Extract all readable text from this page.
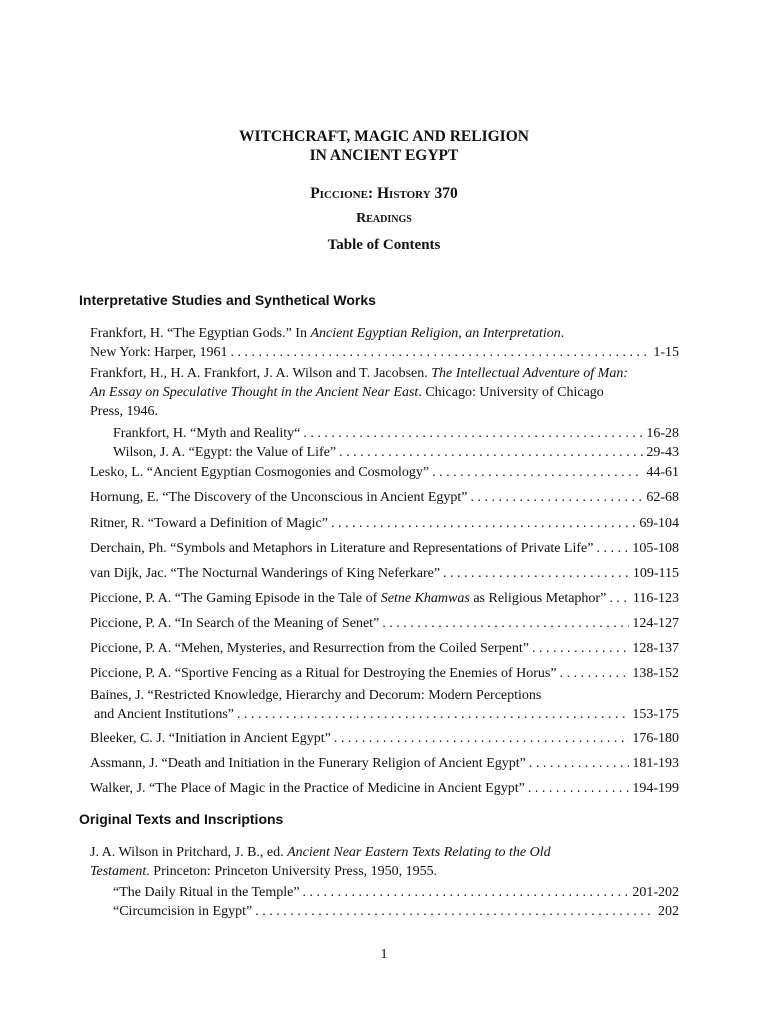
WITCHCRAFT, MAGIC AND RELIGION
IN ANCIENT EGYPT
Piccione: History 370
Readings
Table of Contents
Interpretative Studies and Synthetical Works
Frankfort, H. “The Egyptian Gods.” In Ancient Egyptian Religion, an Interpretation.
New York: Harper, 1961 . . .	1-15
Frankfort, H., H. A. Frankfort, J. A. Wilson and T. Jacobsen. The Intellectual Adventure of Man:
An Essay on Speculative Thought in the Ancient Near East. Chicago: University of Chicago
Press, 1946.
Frankfort, H. “Myth and Reality“ . . .	16-28
Wilson, J. A. “Egypt: the Value of Life” . . .	29-43
Lesko, L. “Ancient Egyptian Cosmogonies and Cosmology” . . .	44-61
Hornung, E. “The Discovery of the Unconscious in Ancient Egypt” . . .	62-68
Ritner, R. “Toward a Definition of Magic” . . .	69-104
Derchain, Ph. “Symbols and Metaphors in Literature and Representations of Private Life” . . .	105-108
van Dijk, Jac. “The Nocturnal Wanderings of King Neferkare” . . .	109-115
Piccione, P. A. “The Gaming Episode in the Tale of Setne Khamwas as Religious Metaphor” . . . 116-123
Piccione, P. A. “In Search of the Meaning of Senet” . . .	124-127
Piccione, P. A. “Mehen, Mysteries, and Resurrection from the Coiled Serpent” . . .	128-137
Piccione, P. A. “Sportive Fencing as a Ritual for Destroying the Enemies of Horus” . . .	138-152
Baines, J. “Restricted Knowledge, Hierarchy and Decorum: Modern Perceptions
and Ancient Institutions” . . .	153-175
Bleeker, C. J. “Initiation in Ancient Egypt” . . .	176-180
Assmann, J. “Death and Initiation in the Funerary Religion of Ancient Egypt” . . .	181-193
Walker, J. “The Place of Magic in the Practice of Medicine in Ancient Egypt” . . .	194-199
Original Texts and Inscriptions
J. A. Wilson in Pritchard, J. B., ed. Ancient Near Eastern Texts Relating to the Old
Testament. Princeton: Princeton University Press, 1950, 1955.
“The Daily Ritual in the Temple” . . .	201-202
“Circumcision in Egypt” . . .	202
1
